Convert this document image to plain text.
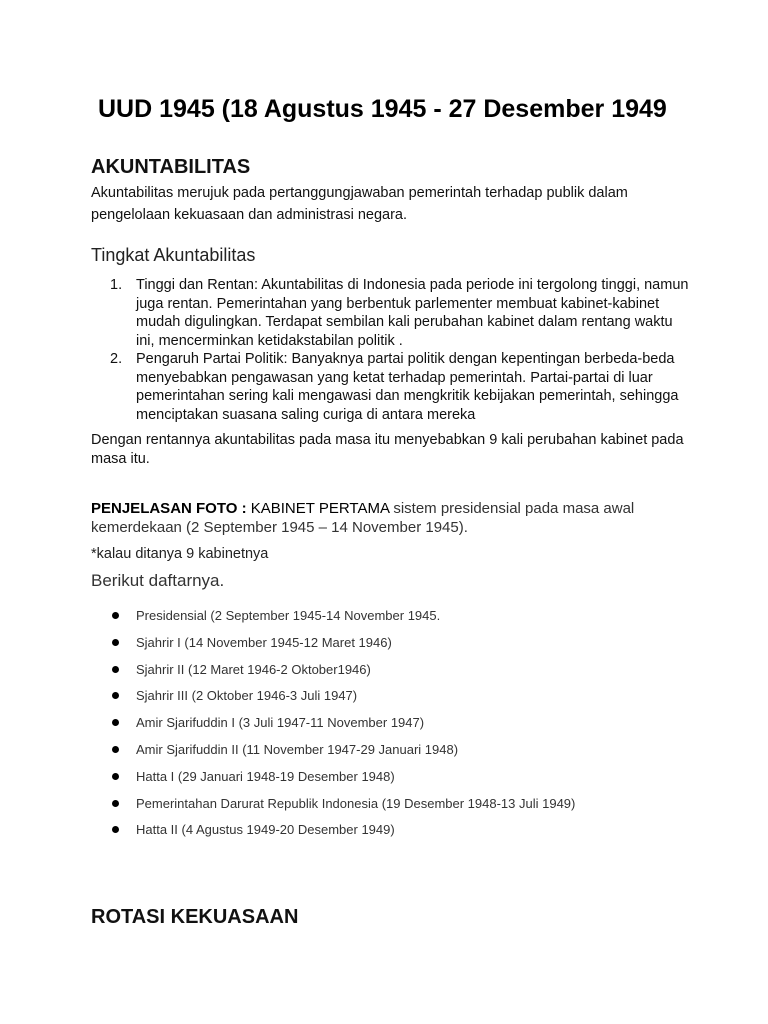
UUD 1945 (18 Agustus 1945 - 27 Desember 1949
AKUNTABILITAS

Akuntabilitas merujuk pada pertanggungjawaban pemerintah terhadap publik dalam pengelolaan kekuasaan dan administrasi negara.

Tingkat Akuntabilitas
1. Tinggi dan Rentan: Akuntabilitas di Indonesia pada periode ini tergolong tinggi, namun juga rentan. Pemerintahan yang berbentuk parlementer membuat kabinet-kabinet mudah digulingkan. Terdapat sembilan kali perubahan kabinet dalam rentang waktu ini, mencerminkan ketidakstabilan politik .
2. Pengaruh Partai Politik: Banyaknya partai politik dengan kepentingan berbeda-beda menyebabkan pengawasan yang ketat terhadap pemerintah. Partai-partai di luar pemerintahan sering kali mengawasi dan mengkritik kebijakan pemerintah, sehingga menciptakan suasana saling curiga di antara mereka

Dengan rentannya akuntabilitas pada masa itu menyebabkan 9 kali perubahan kabinet pada masa itu.

PENJELASAN FOTO : KABINET PERTAMA sistem presidensial pada masa awal kemerdekaan (2 September 1945 – 14 November 1945).

*kalau ditanya 9 kabinetnya

Berikut daftarnya.

Presidensial (2 September 1945-14 November 1945.
Sjahrir I (14 November 1945-12 Maret 1946)
Sjahrir II (12 Maret 1946-2 Oktober1946)
Sjahrir III (2 Oktober 1946-3 Juli 1947)
Amir Sjarifuddin I (3 Juli 1947-11 November 1947)
Amir Sjarifuddin II (11 November 1947-29 Januari 1948)
Hatta I (29 Januari 1948-19 Desember 1948)
Pemerintahan Darurat Republik Indonesia (19 Desember 1948-13 Juli 1949)
Hatta II (4 Agustus 1949-20 Desember 1949)
ROTASI KEKUASAAN
